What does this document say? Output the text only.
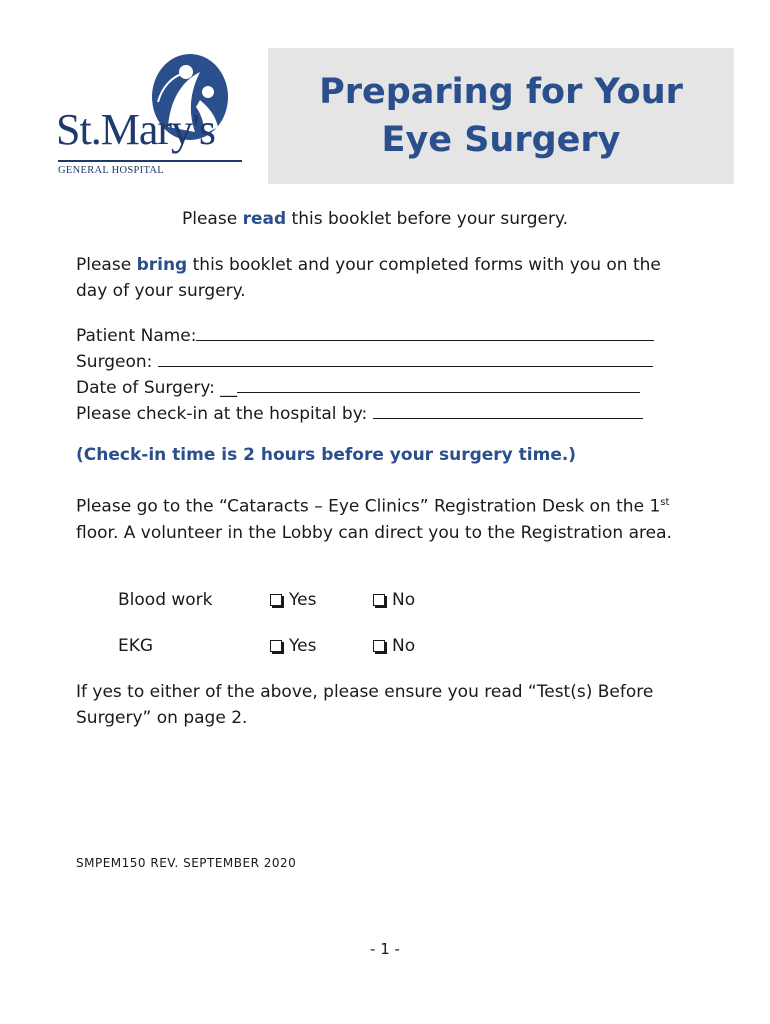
St.Mary's
GENERAL HOSPITAL
Preparing for Your
Eye Surgery
Please read this booklet before your surgery.
Please bring this booklet and your completed forms with you on the day of your surgery.
Patient Name:
Surgeon:
Date of Surgery: __
Please check-in at the hospital by:
(Check-in time is 2 hours before your surgery time.)
Please go to the “Cataracts – Eye Clinics” Registration Desk on the 1st floor. A volunteer in the Lobby can direct you to the Registration area.
Blood work	Yes	No
EKG	Yes	No
If yes to either of the above, please ensure you read “Test(s) Before Surgery” on page 2.
SMPEM150 REV. SEPTEMBER 2020
- 1 -
